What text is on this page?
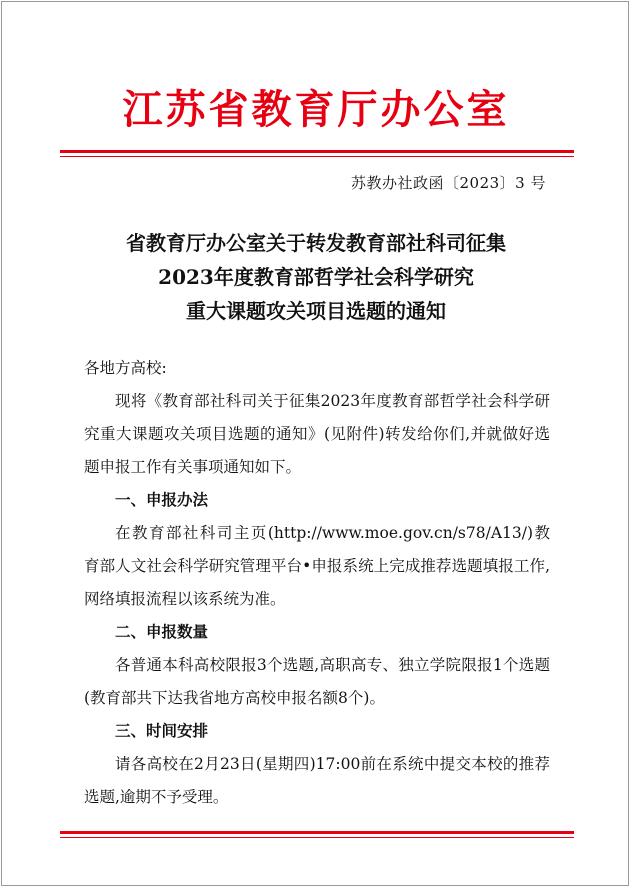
江苏省教育厅办公室
苏教办社政函〔2023〕3 号
省教育厅办公室关于转发教育部社科司征集
2023年度教育部哲学社会科学研究
重大课题攻关项目选题的通知
各地方高校:
现将《教育部社科司关于征集2023年度教育部哲学社会科学研究重大课题攻关项目选题的通知》(见附件)转发给你们,并就做好选题申报工作有关事项通知如下。
一、申报办法
在教育部社科司主页(http://www.moe.gov.cn/s78/A13/)教育部人文社会科学研究管理平台•申报系统上完成推荐选题填报工作,网络填报流程以该系统为准。
二、申报数量
各普通本科高校限报3个选题,高职高专、独立学院限报1个选题(教育部共下达我省地方高校申报名额8个)。
三、时间安排
请各高校在2月23日(星期四)17:00前在系统中提交本校的推荐选题,逾期不予受理。
